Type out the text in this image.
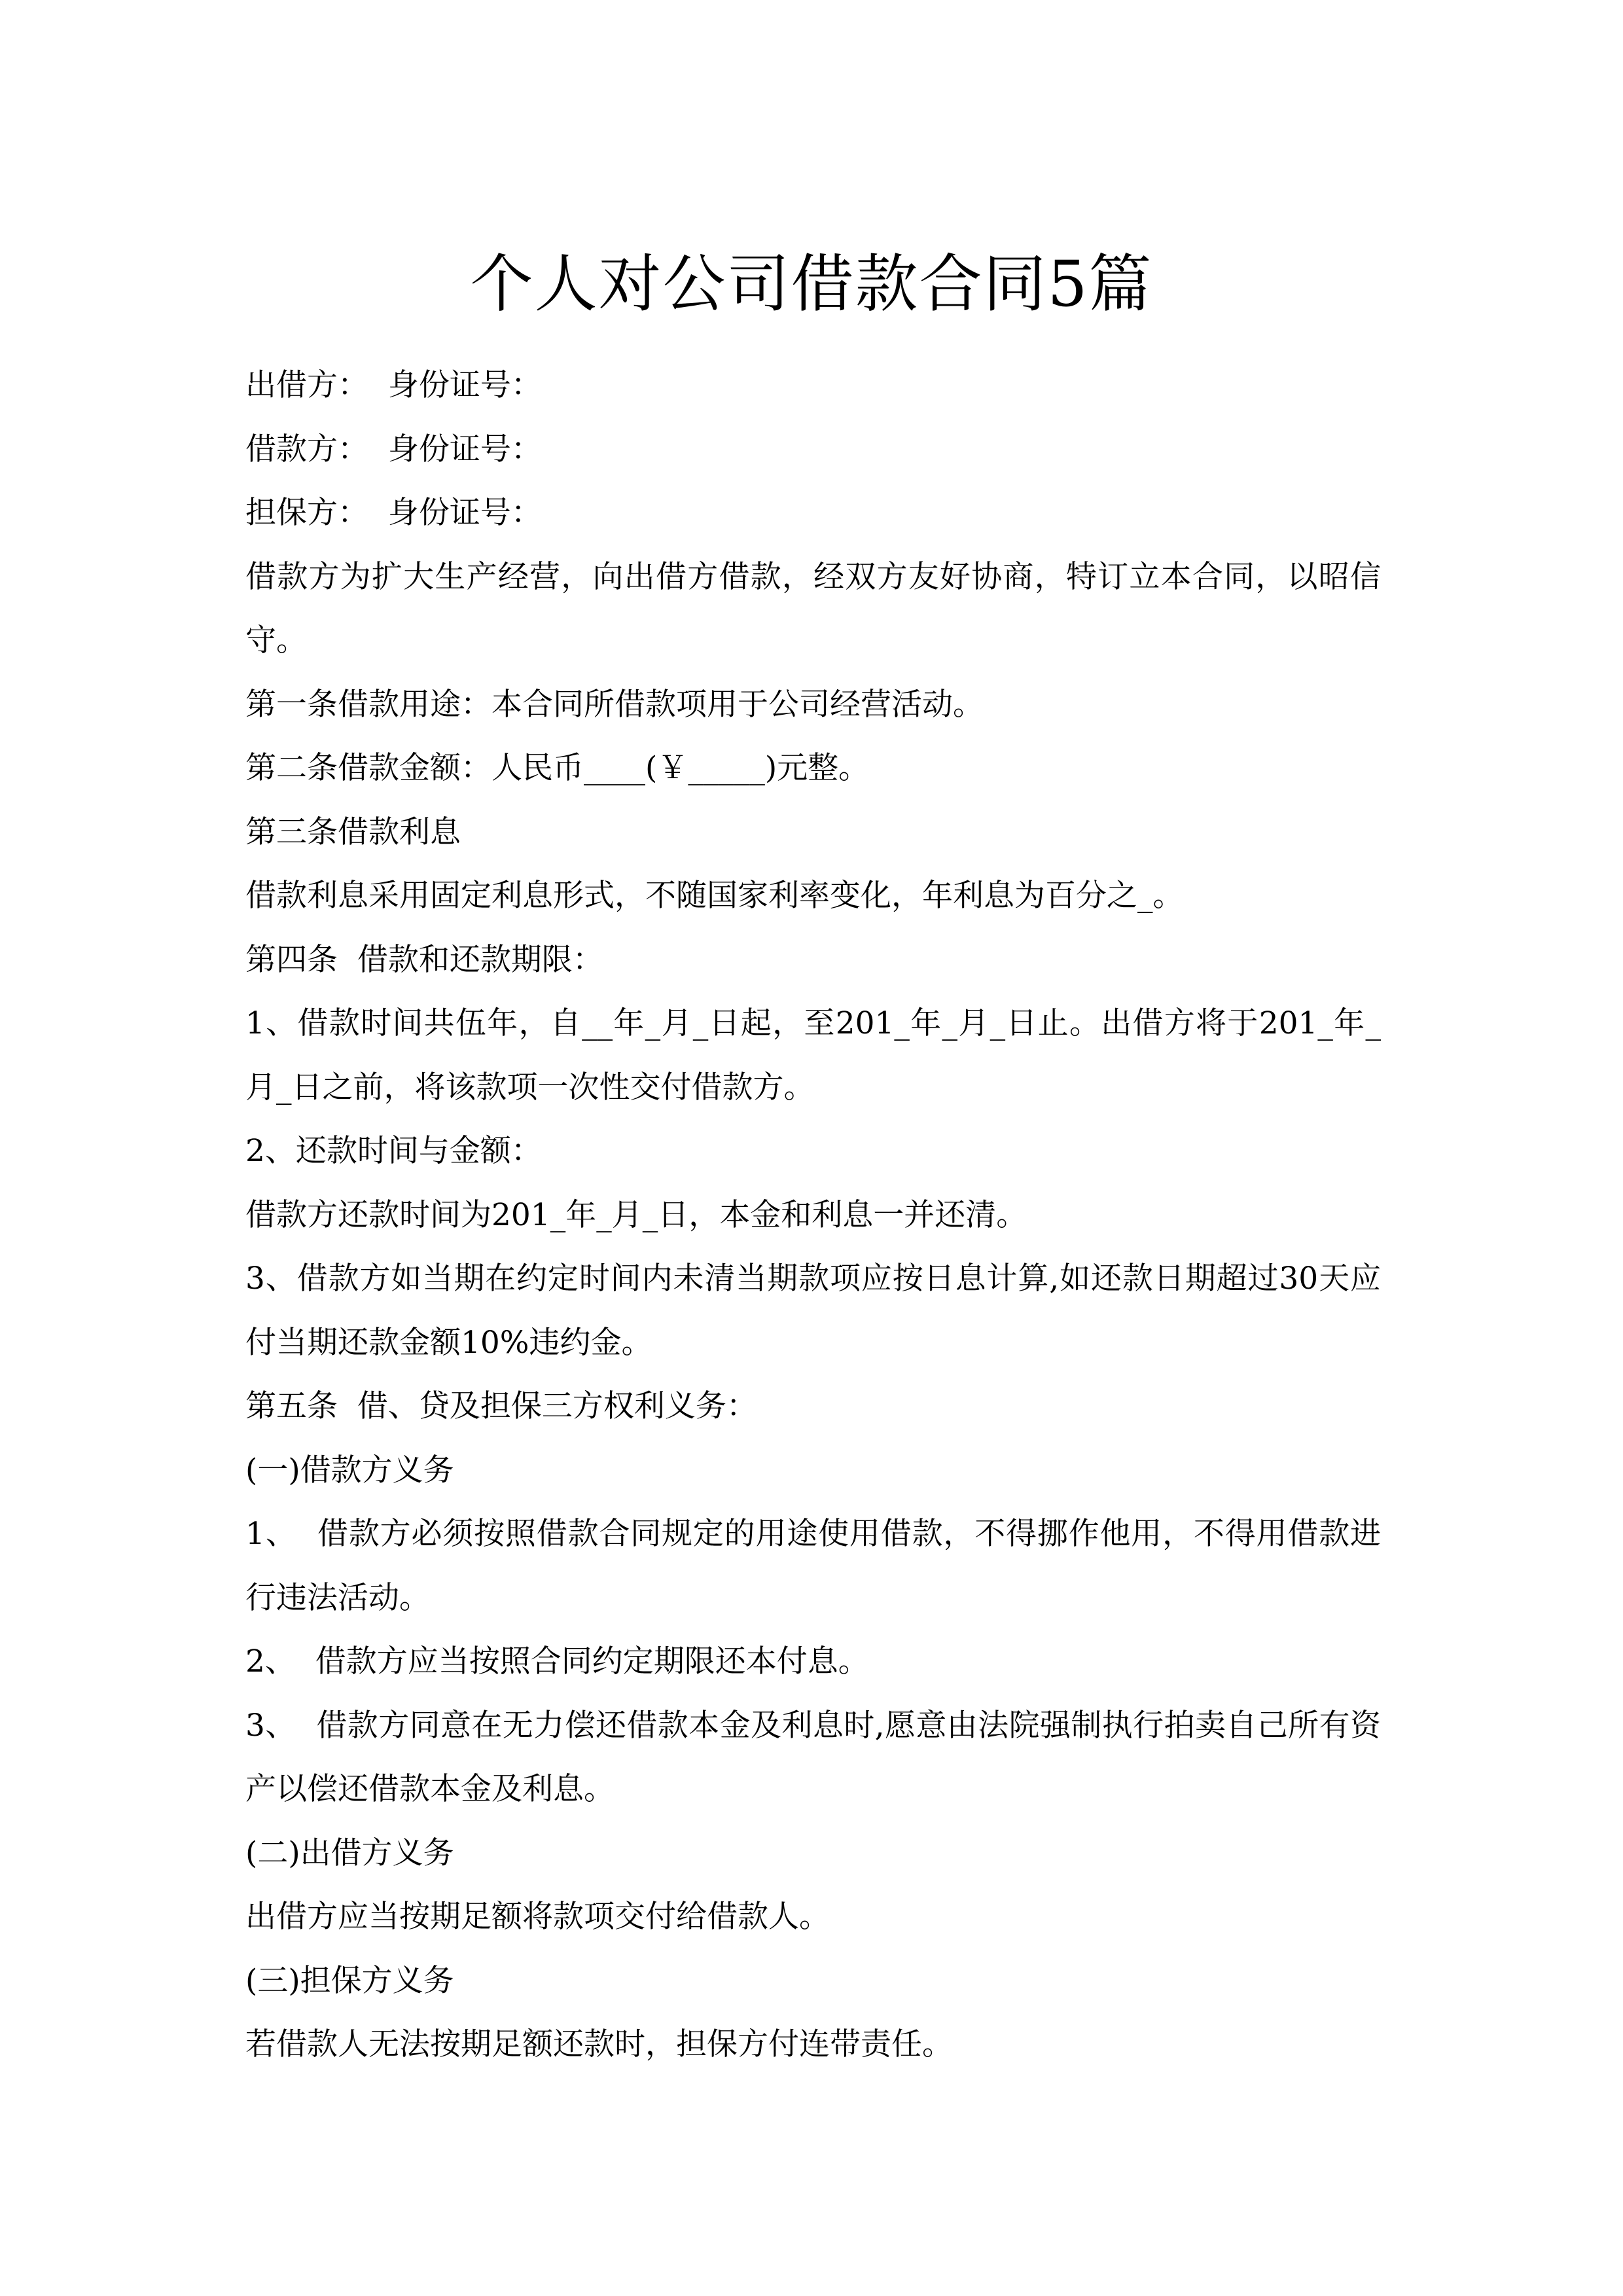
个人对公司借款合同5篇

出借方：  身份证号：

借款方：  身份证号：

担保方：  身份证号：

借款方为扩大生产经营，向出借方借款，经双方友好协商，特订立本合同，以昭信守。

第一条借款用途：本合同所借款项用于公司经营活动。

第二条借款金额：人民币____(￥_____)元整。

第三条借款利息

借款利息采用固定利息形式，不随国家利率变化，年利息为百分之_。

第四条  借款和还款期限：

1、借款时间共伍年，自__年_月_日起，至201_年_月_日止。出借方将于201_年_月_日之前，将该款项一次性交付借款方。

2、还款时间与金额：

借款方还款时间为201_年_月_日，本金和利息一并还清。

3、借款方如当期在约定时间内未清当期款项应按日息计算,如还款日期超过30天应付当期还款金额10%违约金。

第五条  借、贷及担保三方权利义务：

(一)借款方义务

1、  借款方必须按照借款合同规定的用途使用借款，不得挪作他用，不得用借款进行违法活动。

2、  借款方应当按照合同约定期限还本付息。

3、  借款方同意在无力偿还借款本金及利息时,愿意由法院强制执行拍卖自己所有资产以偿还借款本金及利息。

(二)出借方义务

出借方应当按期足额将款项交付给借款人。

(三)担保方义务

若借款人无法按期足额还款时，担保方付连带责任。
